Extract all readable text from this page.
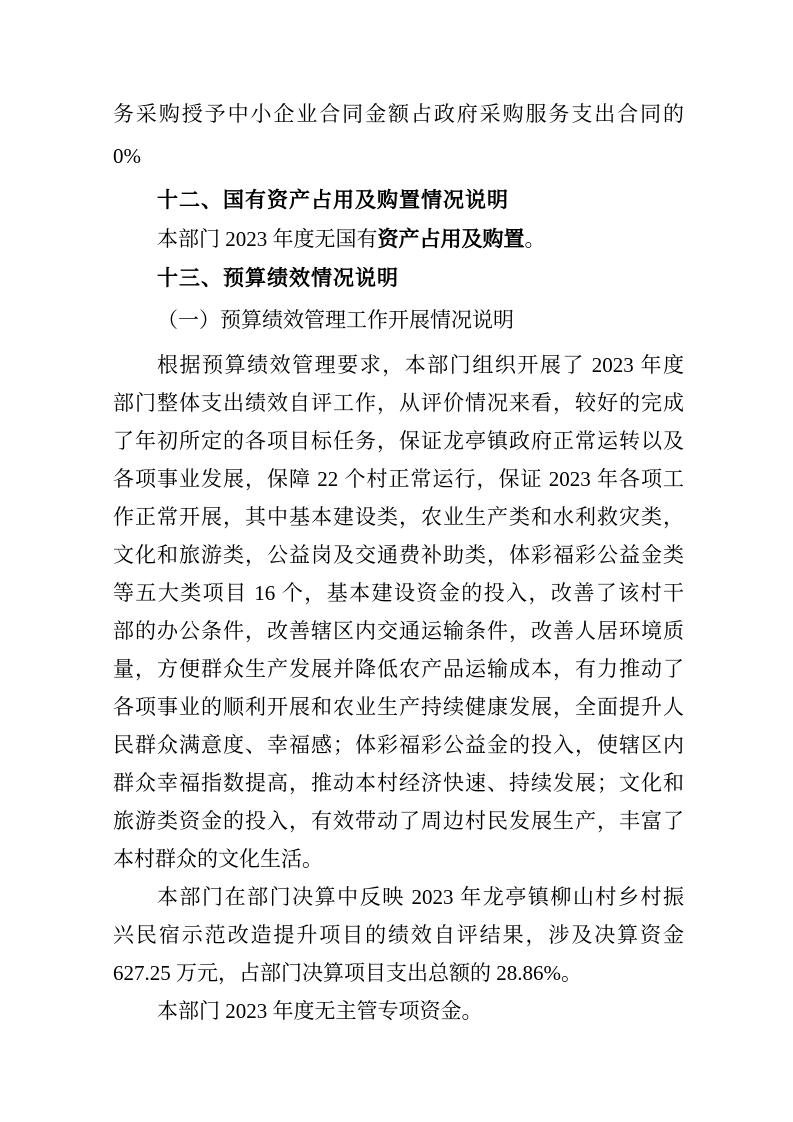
务采购授予中小企业合同金额占政府采购服务支出合同的
0%
十二、国有资产占用及购置情况说明
本部门 2023 年度无国有资产占用及购置。
十三、预算绩效情况说明
（一）预算绩效管理工作开展情况说明
根据预算绩效管理要求，本部门组织开展了 2023 年度
部门整体支出绩效自评工作，从评价情况来看，较好的完成
了年初所定的各项目标任务，保证龙亭镇政府正常运转以及
各项事业发展，保障 22 个村正常运行，保证 2023 年各项工
作正常开展，其中基本建设类，农业生产类和水利救灾类，
文化和旅游类，公益岗及交通费补助类，体彩福彩公益金类
等五大类项目 16 个，基本建设资金的投入，改善了该村干
部的办公条件，改善辖区内交通运输条件，改善人居环境质
量，方便群众生产发展并降低农产品运输成本，有力推动了
各项事业的顺利开展和农业生产持续健康发展，全面提升人
民群众满意度、幸福感；体彩福彩公益金的投入，使辖区内
群众幸福指数提高，推动本村经济快速、持续发展；文化和
旅游类资金的投入，有效带动了周边村民发展生产，丰富了
本村群众的文化生活。
本部门在部门决算中反映 2023 年龙亭镇柳山村乡村振
兴民宿示范改造提升项目的绩效自评结果，涉及决算资金
627.25 万元，占部门决算项目支出总额的 28.86%。
本部门 2023 年度无主管专项资金。
